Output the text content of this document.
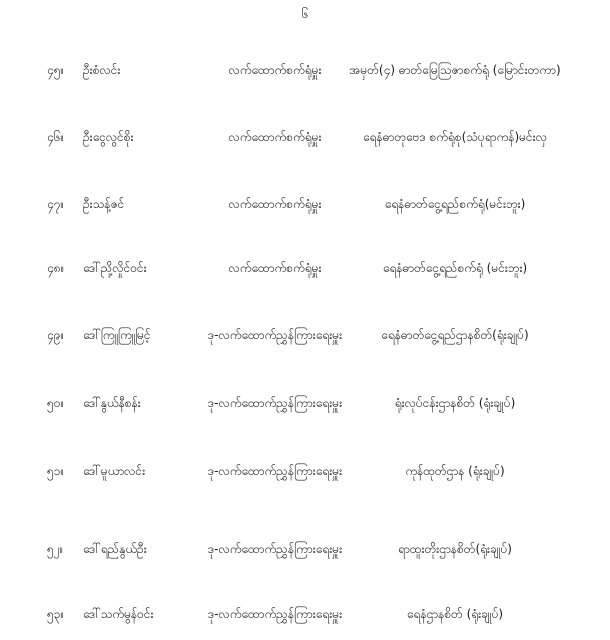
၆
၄၅။	ဦးစံလင်း	လက်ထောက်စက်ရုံမှူး	အမှတ်(၄) ဓာတ်မြေဩဇာစက်ရုံ (မြောင်းတကာ)
၄၆။	ဦးငွေလွင်စိုး	လက်ထောက်စက်ရုံမှူး	ရေနံဓာတုဗေဒ စက်ရုံစု(သံပုရာကန်)မင်းလှ
၄၇။	ဦးသန့်ဇင်	လက်ထောက်စက်ရုံမှူး	ရေနံဓာတ်ငွေ့ရည်စက်ရုံ(မင်းဘူး)
၄၈။	ဒေါ်ညို့လှိုင်ဝင်း	လက်ထောက်စက်ရုံမှူး	ရေနံဓာတ်ငွေ့ရည်စက်ရုံ (မင်းဘူး)
၄၉။	ဒေါ်ကြူကြူမြင့်	ဒု-လက်ထောက်ညွှန်ကြားရေးမှူး	ရေနံဓာတ်ငွေ့ရည်ဌာနစိတ်(ရုံးချုပ်)
၅၀။	ဒေါ်နွယ်နီစန်း	ဒု-လက်ထောက်ညွှန်ကြားရေးမှူး	ရုံးလုပ်ငန်းဌာနစိတ် (ရုံးချုပ်)
၅၁။	ဒေါ်မူယာလင်း	ဒု-လက်ထောက်ညွှန်ကြားရေးမှူး	ကုန်ထုတ်ဌာန (ရုံးချုပ်)
၅၂။	ဒေါ်ရည်နွယ်ဦး	ဒု-လက်ထောက်ညွှန်ကြားရေးမှူး	ရာထူးတိုးဌာနစိတ်(ရုံးချုပ်)
၅၃။	ဒေါ်သက်မွန်ဝင်း	ဒု-လက်ထောက်ညွှန်ကြားရေးမှူး	ရေနံဌာနစိတ် (ရုံးချုပ်)
